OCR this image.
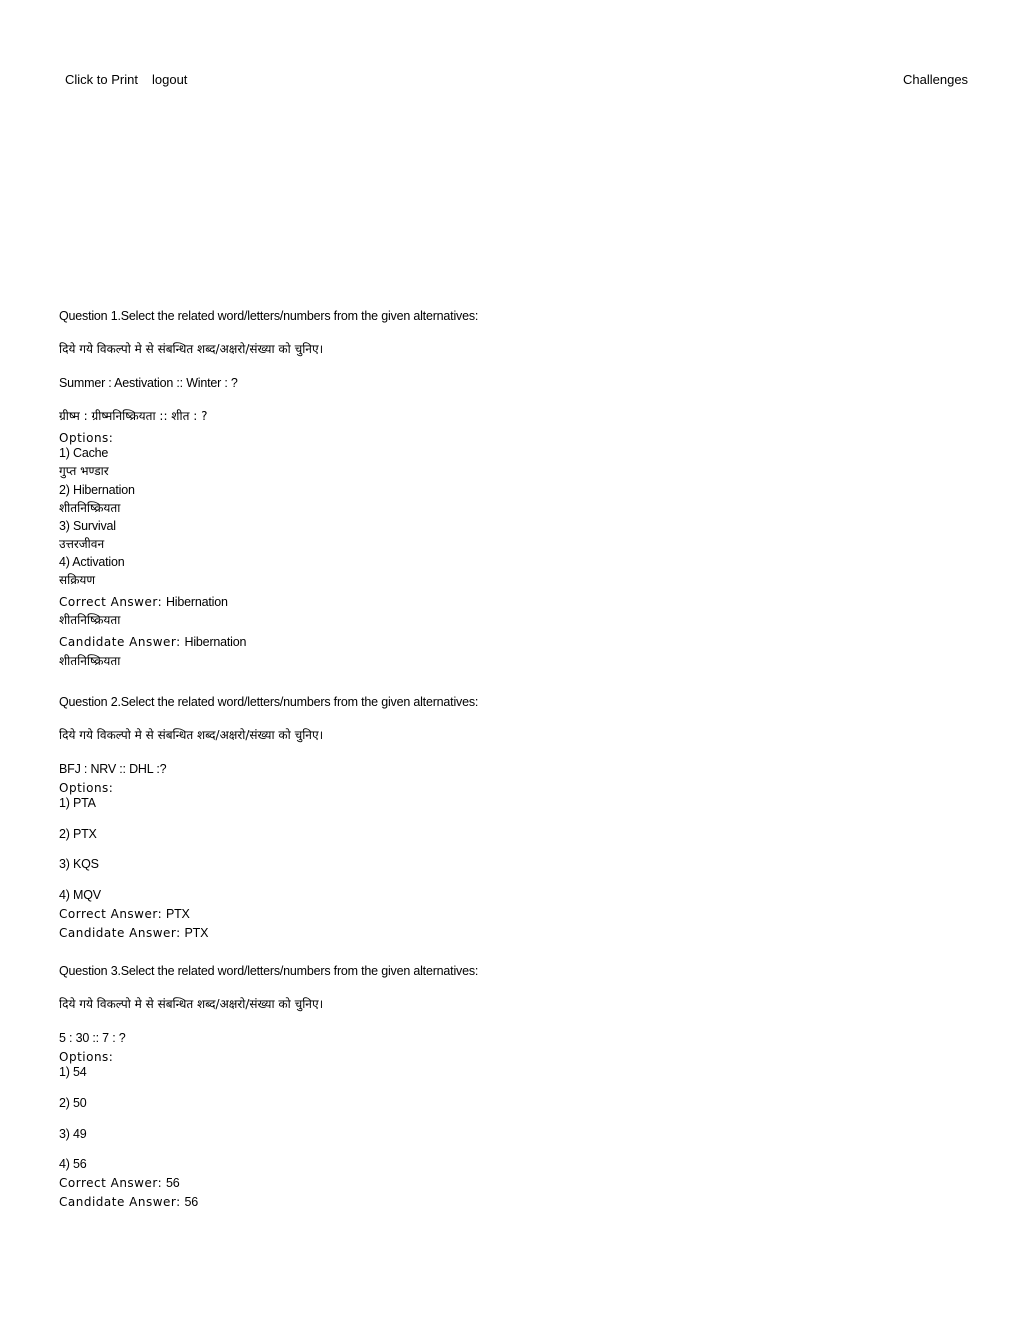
Click to Print logout	Challenges
Question 1.Select the related word/letters/numbers from the given alternatives:
दिये गये विकल्पो मे से संबन्धित शब्द/अक्षरो/संख्या को चुनिए।
Summer : Aestivation :: Winter : ?
ग्रीष्म : ग्रीष्मनिष्क्रियता :: शीत : ?
Options:
1) Cache
गुप्त भण्डार
2) Hibernation
शीतनिष्क्रियता
3) Survival
उत्तरजीवन
4) Activation
सक्रियण
Correct Answer: Hibernation
शीतनिष्क्रियता
Candidate Answer: Hibernation
शीतनिष्क्रियता
Question 2.Select the related word/letters/numbers from the given alternatives:
दिये गये विकल्पो मे से संबन्धित शब्द/अक्षरो/संख्या को चुनिए।
BFJ : NRV :: DHL :?
Options:
1) PTA
2) PTX
3) KQS
4) MQV
Correct Answer: PTX
Candidate Answer: PTX
Question 3.Select the related word/letters/numbers from the given alternatives:
दिये गये विकल्पो मे से संबन्धित शब्द/अक्षरो/संख्या को चुनिए।
5 : 30 :: 7 : ?
Options:
1) 54
2) 50
3) 49
4) 56
Correct Answer: 56
Candidate Answer: 56
